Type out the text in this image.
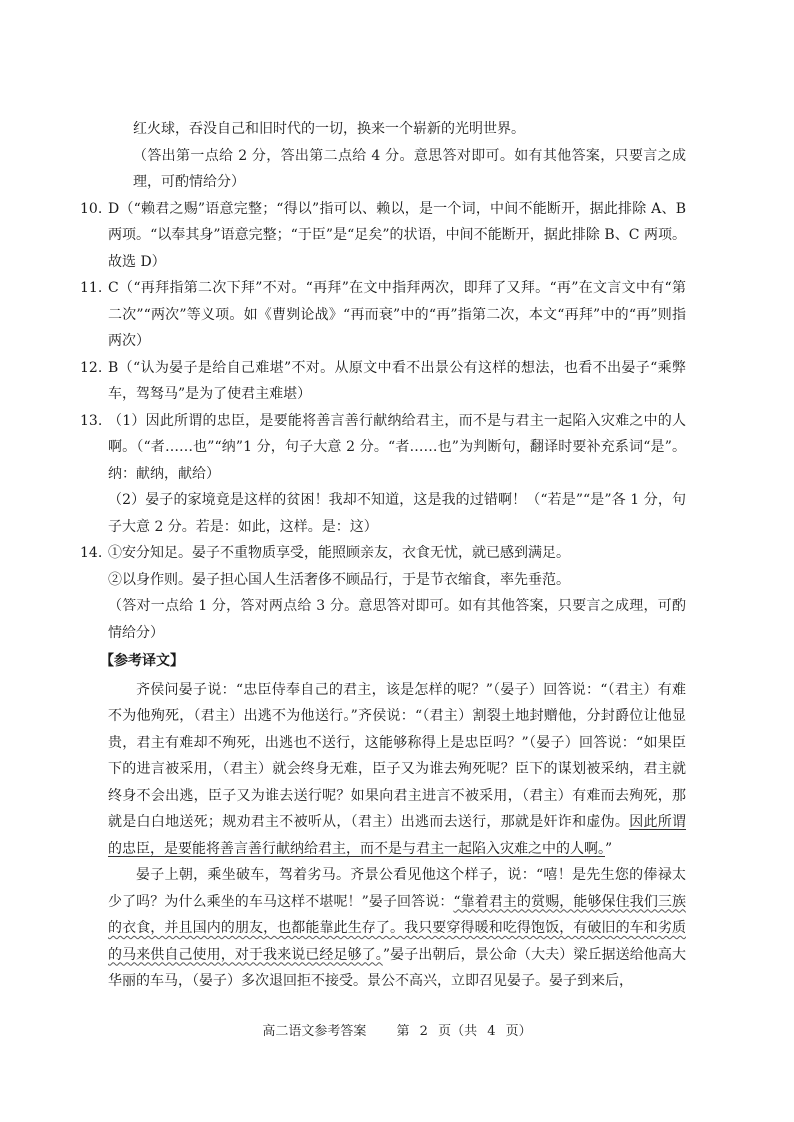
红火球，吞没自己和旧时代的一切，换来一个崭新的光明世界。

（答出第一点给 2 分，答出第二点给 4 分。意思答对即可。如有其他答案，只要言之成理，可酌情给分）

10. D（“赖君之赐”语意完整；“得以”指可以、赖以，是一个词，中间不能断开，据此排除 A、B 两项。“以奉其身”语意完整；“于臣”是“足矣”的状语，中间不能断开，据此排除 B、C 两项。故选 D）
11. C（“再拜指第二次下拜”不对。“再拜”在文中指拜两次，即拜了又拜。“再”在文言文中有“第二次”“两次”等义项。如《曹刿论战》“再而衰”中的“再”指第二次，本文“再拜”中的“再”则指两次）
12. B（“认为晏子是给自己难堪”不对。从原文中看不出景公有这样的想法，也看不出晏子“乘弊车，驾驽马”是为了使君主难堪）
13. （1）因此所谓的忠臣，是要能将善言善行献纳给君主，而不是与君主一起陷入灾难之中的人啊。（“者……也”“纳”1 分，句子大意 2 分。“者……也”为判断句，翻译时要补充系词“是”。纳：献纳，献给）

（2）晏子的家境竟是这样的贫困！我却不知道，这是我的过错啊！（“若是”“是”各 1 分，句子大意 2 分。若是：如此，这样。是：这）

14. ①安分知足。晏子不重物质享受，能照顾亲友，衣食无忧，就已感到满足。

②以身作则。晏子担心国人生活奢侈不顾品行，于是节衣缩食，率先垂范。

（答对一点给 1 分，答对两点给 3 分。意思答对即可。如有其他答案，只要言之成理，可酌情给分）

【参考译文】

齐侯问晏子说：“忠臣侍奉自己的君主，该是怎样的呢？”（晏子）回答说：“（君主）有难不为他殉死，（君主）出逃不为他送行。”齐侯说：“（君主）割裂土地封赠他，分封爵位让他显贵，君主有难却不殉死，出逃也不送行，这能够称得上是忠臣吗？”（晏子）回答说：“如果臣下的进言被采用，（君主）就会终身无难，臣子又为谁去殉死呢？臣下的谋划被采纳，君主就终身不会出逃，臣子又为谁去送行呢？如果向君主进言不被采用，（君主）有难而去殉死，那就是白白地送死；规劝君主不被听从，（君主）出逃而去送行，那就是奸诈和虚伪。因此所谓的忠臣，是要能将善言善行献纳给君主，而不是与君主一起陷入灾难之中的人啊。”

晏子上朝，乘坐破车，驾着劣马。齐景公看见他这个样子，说：“嘻！是先生您的俸禄太少了吗？为什么乘坐的车马这样不堪呢！”晏子回答说：“靠着君主的赏赐，能够保住我们三族的衣食，并且国内的朋友，也都能靠此生存了。我只要穿得暖和吃得饱饭，有破旧的车和劣质的马来供自己使用，对于我来说已经足够了。”晏子出朝后，景公命（大夫）梁丘据送给他高大华丽的车马，（晏子）多次退回拒不接受。景公不高兴，立即召见晏子。晏子到来后，

高二语文参考答案 第 2 页（共 4 页）
